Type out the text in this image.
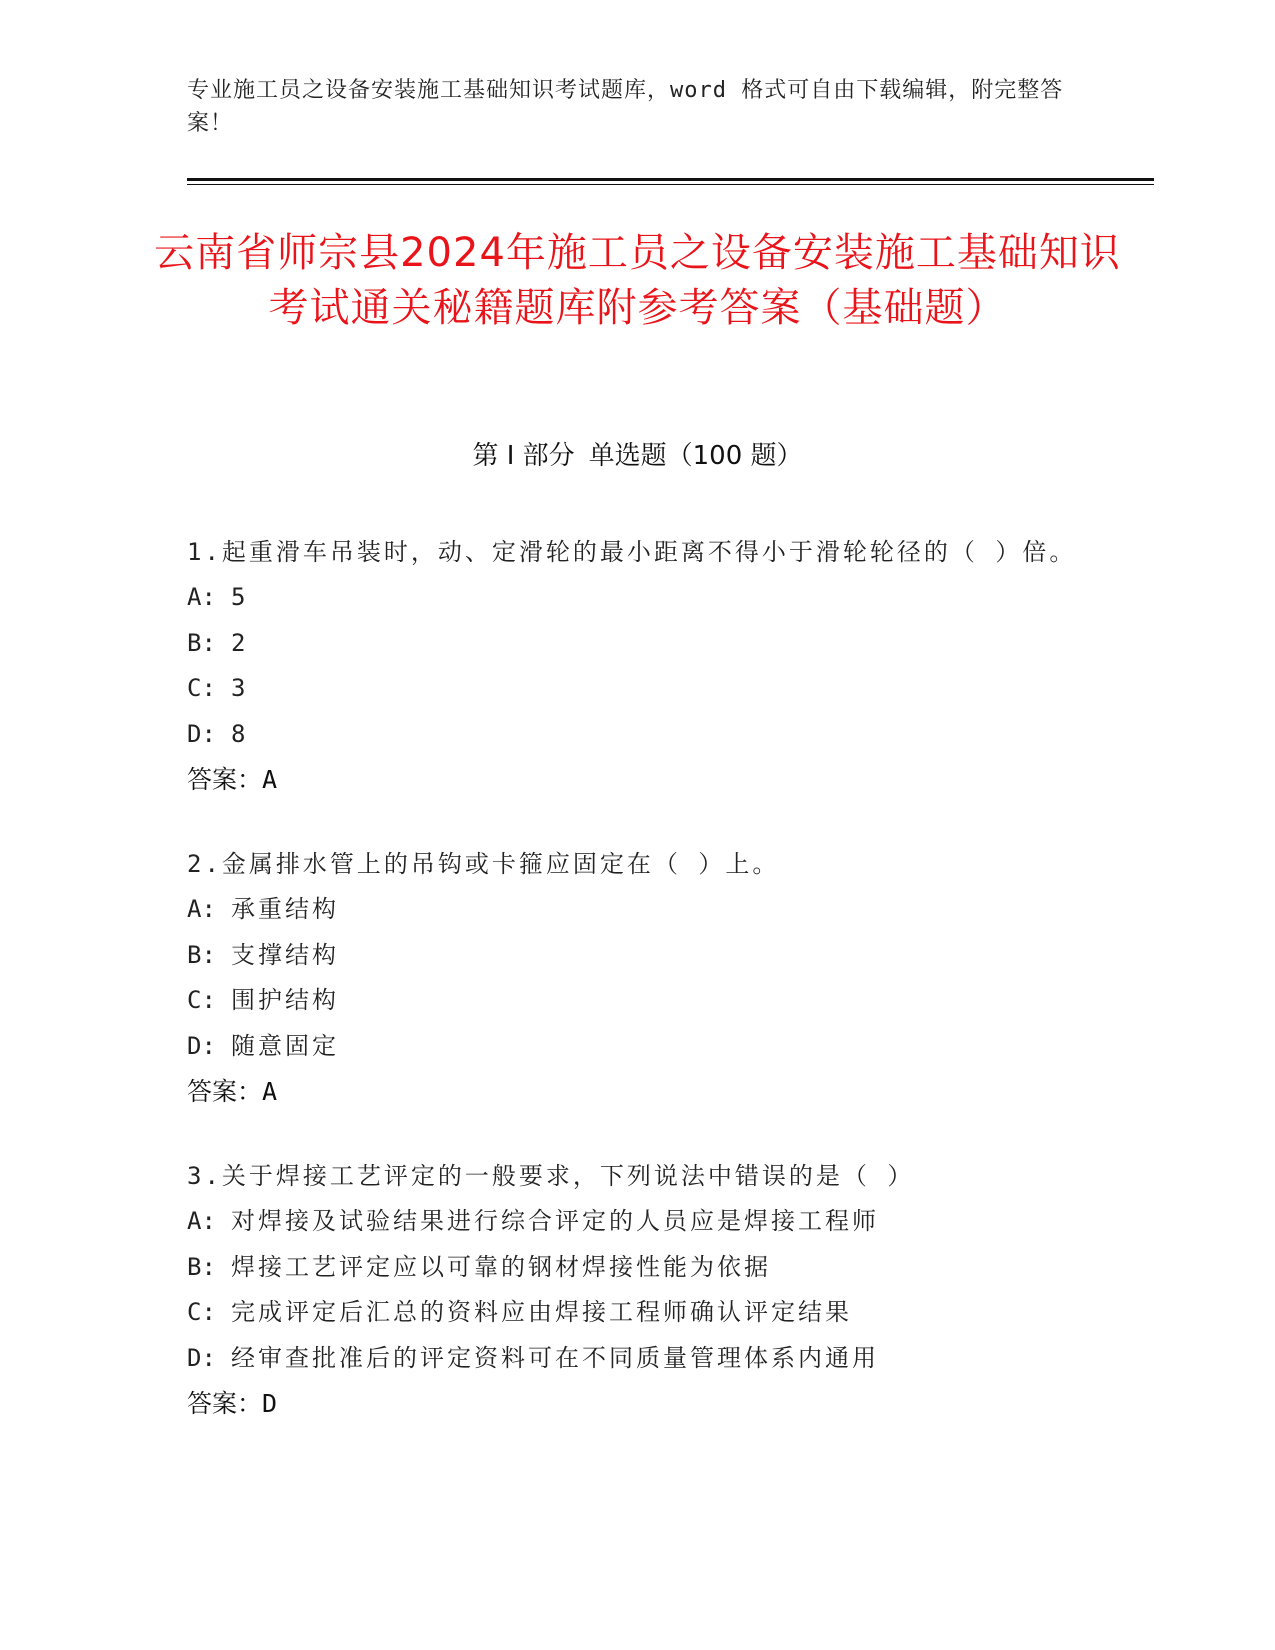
专业施工员之设备安装施工基础知识考试题库，word 格式可自由下载编辑，附完整答案！
云南省师宗县2024年施工员之设备安装施工基础知识考试通关秘籍题库附参考答案（基础题）
第 I 部分 单选题（100 题）
1.起重滑车吊装时，动、定滑轮的最小距离不得小于滑轮轮径的（ ）倍。
A: 5
B: 2
C: 3
D: 8
答案：A
2.金属排水管上的吊钩或卡箍应固定在（ ）上。
A: 承重结构
B: 支撑结构
C: 围护结构
D: 随意固定
答案：A
3.关于焊接工艺评定的一般要求，下列说法中错误的是（ ）
A: 对焊接及试验结果进行综合评定的人员应是焊接工程师
B: 焊接工艺评定应以可靠的钢材焊接性能为依据
C: 完成评定后汇总的资料应由焊接工程师确认评定结果
D: 经审查批准后的评定资料可在不同质量管理体系内通用
答案：D
